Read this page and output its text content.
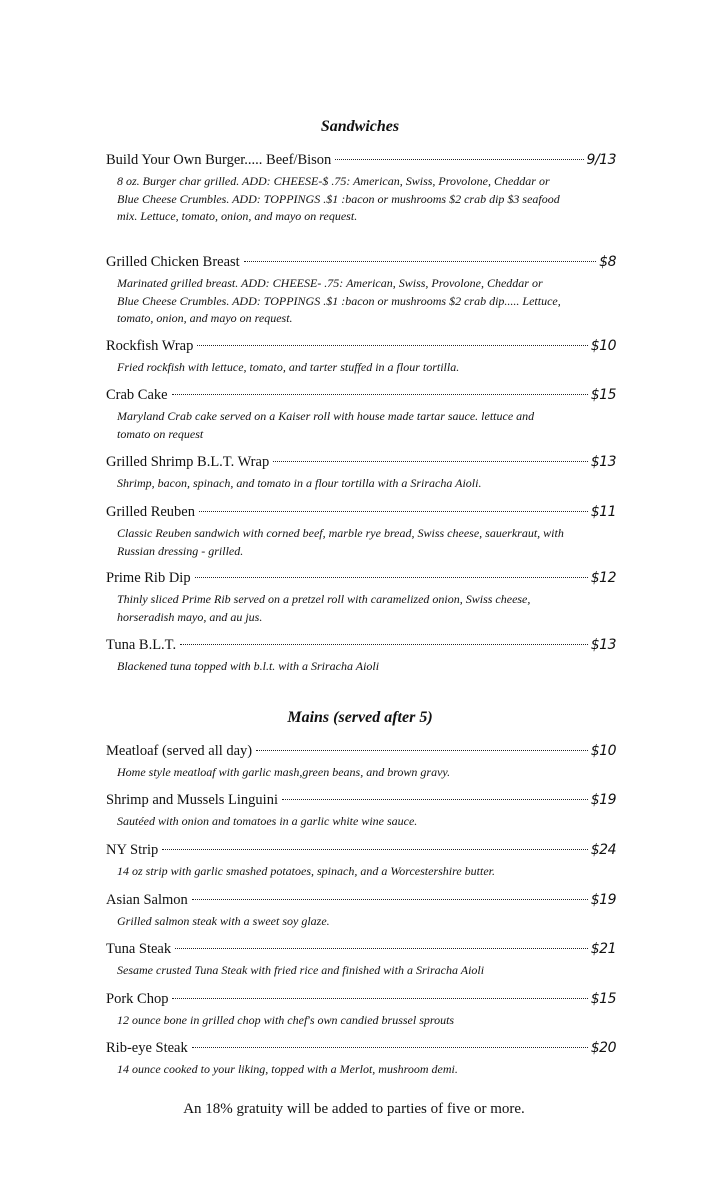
Sandwiches
Build Your Own Burger..... Beef/Bison	9/13
8 oz. Burger char grilled. ADD: CHEESE-$ .75: American, Swiss, Provolone, Cheddar or Blue Cheese Crumbles. ADD: TOPPINGS .$1 :bacon or mushrooms $2 crab dip $3 seafood mix. Lettuce, tomato, onion, and mayo on request.
Grilled Chicken Breast	$8
Marinated grilled breast. ADD: CHEESE- .75: American, Swiss, Provolone, Cheddar or Blue Cheese Crumbles. ADD: TOPPINGS .$1 :bacon or mushrooms $2 crab dip..... Lettuce, tomato, onion, and mayo on request.
Rockfish Wrap	$10
Fried rockfish with lettuce, tomato, and tarter stuffed in a flour tortilla.
Crab Cake	$15
Maryland Crab cake served on a Kaiser roll with house made tartar sauce. lettuce and tomato on request
Grilled Shrimp B.L.T. Wrap	$13
Shrimp, bacon, spinach, and tomato in a flour tortilla with a Sriracha Aioli.
Grilled Reuben	$11
Classic Reuben sandwich with corned beef, marble rye bread, Swiss cheese, sauerkraut, with Russian dressing - grilled.
Prime Rib Dip	$12
Thinly sliced Prime Rib served on a pretzel roll with caramelized onion, Swiss cheese, horseradish mayo, and au jus.
Tuna B.L.T.	$13
Blackened tuna topped with b.l.t. with a Sriracha Aioli
Mains (served after 5)
Meatloaf (served all day)	$10
Home style meatloaf with garlic mash,green beans, and brown gravy.
Shrimp and Mussels Linguini	$19
Sautéed with onion and tomatoes in a garlic white wine sauce.
NY Strip	$24
14 oz strip with garlic smashed potatoes, spinach, and a Worcestershire butter.
Asian Salmon	$19
Grilled salmon steak with a sweet soy glaze.
Tuna Steak	$21
Sesame crusted Tuna Steak with fried rice and finished with a Sriracha Aioli
Pork Chop	$15
12 ounce bone in grilled chop with chef's own candied brussel sprouts
Rib-eye Steak	$20
14 ounce cooked to your liking, topped with a Merlot, mushroom demi.
An 18% gratuity will be added to parties of five or more.
